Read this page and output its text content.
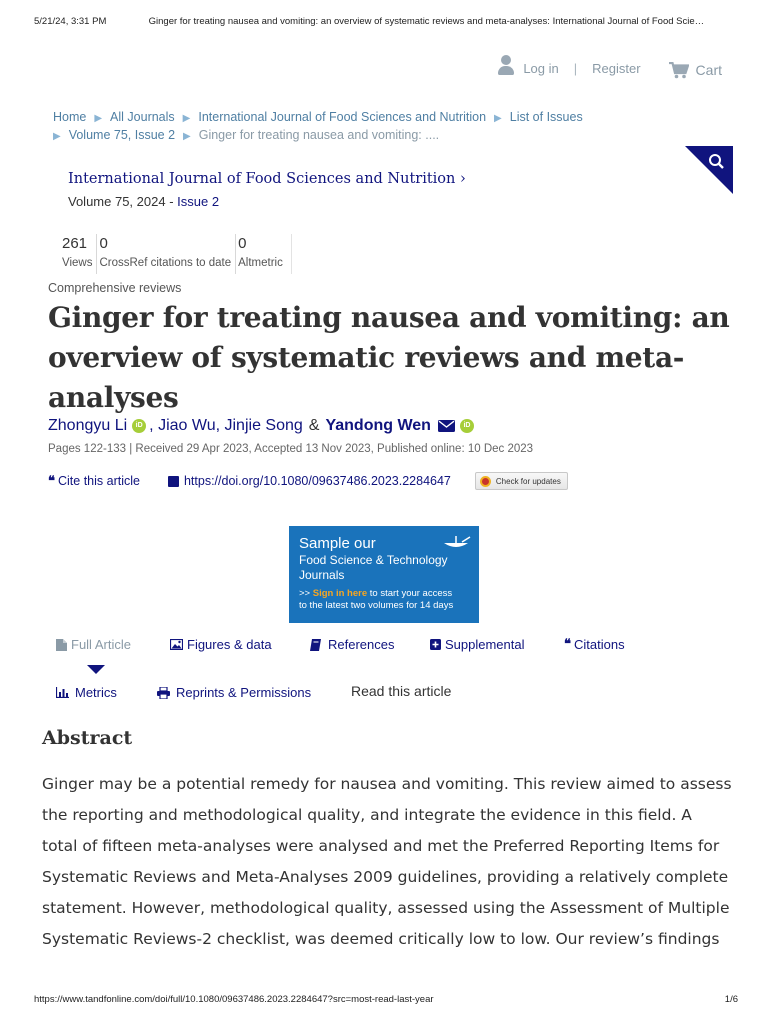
5/21/24, 3:31 PM	Ginger for treating nausea and vomiting: an overview of systematic reviews and meta-analyses: International Journal of Food Scie…
Log in | Register	Cart
Home ▶ All Journals ▶ International Journal of Food Sciences and Nutrition ▶ List of Issues
▶ Volume 75, Issue 2 ▶ Ginger for treating nausea and vomiting: ....
International Journal of Food Sciences and Nutrition ›
Volume 75, 2024 - Issue 2
261
Views
0
CrossRef citations to date
0
Altmetric
Comprehensive reviews
Ginger for treating nausea and vomiting: an overview of systematic reviews and meta-analyses
Zhongyu Li	iD ,
Jiao Wu ,
Jinjie Song & Yandong Wen	iD
Pages 122-133 | Received 29 Apr 2023, Accepted 13 Nov 2023, Published online: 10 Dec 2023
❝ Cite this article	https://doi.org/10.1080/09637486.2023.2284647	Check for updates
Sample our
Food Science & Technology
Journals
>> Sign in here to start your access
to the latest two volumes for 14 days
Full Article	Figures & data	References	Supplemental	❝ Citations
Metrics	Reprints & Permissions	Read this article
Abstract

Ginger may be a potential remedy for nausea and vomiting. This review aimed to assess the reporting and methodological quality, and integrate the evidence in this field. A total of fifteen meta-analyses were analysed and met the Preferred Reporting Items for Systematic Reviews and Meta-Analyses 2009 guidelines, providing a relatively complete statement. However, methodological quality, assessed using the Assessment of Multiple Systematic Reviews-2 checklist, was deemed critically low to low. Our review’s findings

https://www.tandfonline.com/doi/full/10.1080/09637486.2023.2284647?src=most-read-last-year	1/6
